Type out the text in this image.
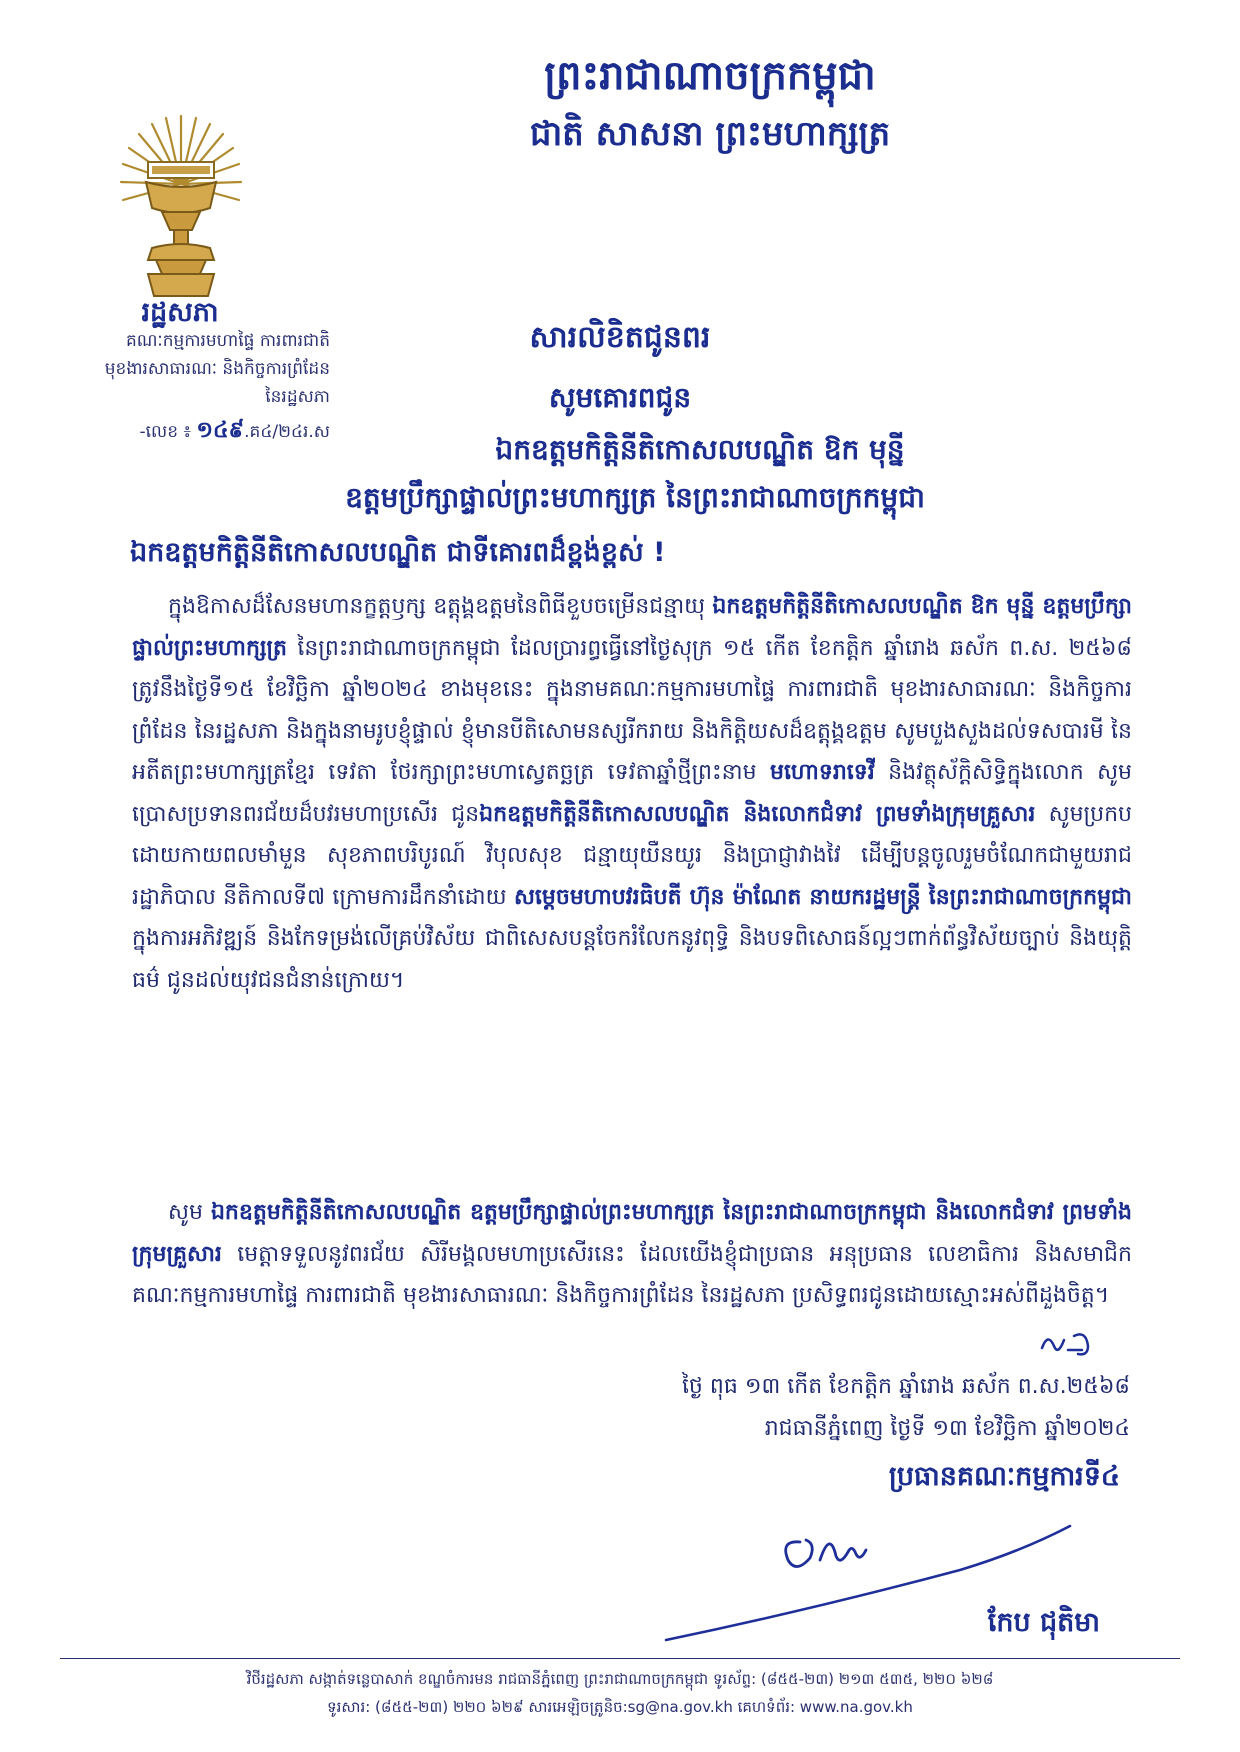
ព្រះរាជាណាចក្រកម្ពុជា
ជាតិ សាសនា ព្រះមហាក្សត្រ
រដ្ឋសភា
គណៈកម្មការមហាផ្ទៃ ការពារជាតិ
មុខងារសាធារណៈ និងកិច្ចការព្រំដែន
នៃរដ្ឋសភា
-លេខ ៖ ១៤៩.គ៤/២៤រ.ស
សារលិខិតជូនពរ
សូមគោរពជូន
ឯកឧត្តមកិត្តិនីតិកោសលបណ្ឌិត ឱក មុន្នី
ឧត្តមប្រឹក្សាផ្ទាល់ព្រះមហាក្សត្រ នៃព្រះរាជាណាចក្រកម្ពុជា
ឯកឧត្តមកិត្តិនីតិកោសលបណ្ឌិត ជាទីគោរពដ៏ខ្ពង់ខ្ពស់ !
ក្នុងឱកាសដ៏សែនមហានក្ខត្តឫក្ស ឧត្តុង្គឧត្តមនៃពិធីខួបចម្រើនជន្មាយុ ឯកឧត្តមកិត្តិនីតិកោសលបណ្ឌិត ឱក មុន្នី ឧត្តមប្រឹក្សាផ្ទាល់ព្រះមហាក្សត្រ នៃព្រះរាជាណាចក្រកម្ពុជា ដែលប្រារព្ធធ្វើនៅថ្ងៃសុក្រ ១៥ កើត ខែកត្តិក ឆ្នាំរោង ឆស័ក ព.ស. ២៥៦៨ ត្រូវនឹងថ្ងៃទី១៥ ខែវិច្ឆិកា ឆ្នាំ២០២៤ ខាងមុខនេះ ក្នុងនាមគណៈកម្មការមហាផ្ទៃ ការពារជាតិ មុខងារសាធារណៈ និងកិច្ចការព្រំដែន នៃរដ្ឋសភា និងក្នុងនាមរូបខ្ញុំផ្ទាល់ ខ្ញុំមានបីតិសោមនស្សរីករាយ និងកិត្តិយសដ៏ឧត្តុង្គឧត្តម សូមបួងសួងដល់ទសបារមី នៃអតីតព្រះមហាក្សត្រខ្មែរ ទេវតា ថែរក្សាព្រះមហាស្វេតច្ឆត្រ ទេវតាឆ្នាំថ្មីព្រះនាម មហោទរាទេវី និងវត្ថុស័ក្តិសិទ្ធិក្នុងលោក សូមប្រោសប្រទានពរជ័យដ៏បវរមហាប្រសើរ ជូនឯកឧត្តមកិត្តិនីតិកោសលបណ្ឌិត និងលោកជំទាវ ព្រមទាំងក្រុមគ្រួសារ សូមប្រកបដោយកាយពលមាំមួន សុខភាពបរិបូរណ៍ វិបុលសុខ ជន្មាយុយឺនយូរ និងប្រាជ្ញាវាងវៃ ដើម្បីបន្តចូលរួមចំណែកជាមួយរាជរដ្ឋាភិបាល នីតិកាលទី៧ ក្រោមការដឹកនាំដោយ សម្តេចមហាបវរធិបតី ហ៊ុន ម៉ាណែត នាយករដ្ឋមន្ត្រី នៃព្រះរាជាណាចក្រកម្ពុជា ក្នុងការអភិវឌ្ឍន៍ និងកែទម្រង់លើគ្រប់វិស័យ ជាពិសេសបន្តចែករំលែកនូវពុទ្ធិ និងបទពិសោធន៍ល្អៗពាក់ព័ន្ធវិស័យច្បាប់ និងយុត្តិធម៌ ជូនដល់យុវជនជំនាន់ក្រោយ។
សូម ឯកឧត្តមកិត្តិនីតិកោសលបណ្ឌិត ឧត្តមប្រឹក្សាផ្ទាល់ព្រះមហាក្សត្រ នៃព្រះរាជាណាចក្រកម្ពុជា និងលោកជំទាវ ព្រមទាំងក្រុមគ្រួសារ មេត្តាទទួលនូវពរជ័យ សិរីមង្គលមហាប្រសើរនេះ ដែលយើងខ្ញុំជាប្រធាន អនុប្រធាន លេខាធិការ និងសមាជិកគណៈកម្មការមហាផ្ទៃ ការពារជាតិ មុខងារសាធារណៈ និងកិច្ចការព្រំដែន នៃរដ្ឋសភា ប្រសិទ្ធពរជូនដោយស្មោះអស់ពីដួងចិត្ត។
ថ្ងៃ ពុធ ១៣ កើត ខែកត្តិក ឆ្នាំរោង ឆស័ក ព.ស.២៥៦៨
រាជធានីភ្នំពេញ ថ្ងៃទី ១៣ ខែវិច្ឆិកា ឆ្នាំ២០២៤
ប្រធានគណៈកម្មការទី៤
កែប ជុតិមា
វិថីរដ្ឋសភា សង្កាត់ទន្លេបាសាក់ ខណ្ឌចំការមន រាជធានីភ្នំពេញ ព្រះរាជាណាចក្រកម្ពុជា ទូរស័ព្ទ: (៨៥៥-២៣) ២១៣ ៥៣៥, ២២០ ៦២៨
ទូរសារ: (៨៥៥-២៣) ២២០ ៦២៩ សារអេឡិចត្រូនិច:sg@na.gov.kh គេហទំព័រ: www.na.gov.kh
